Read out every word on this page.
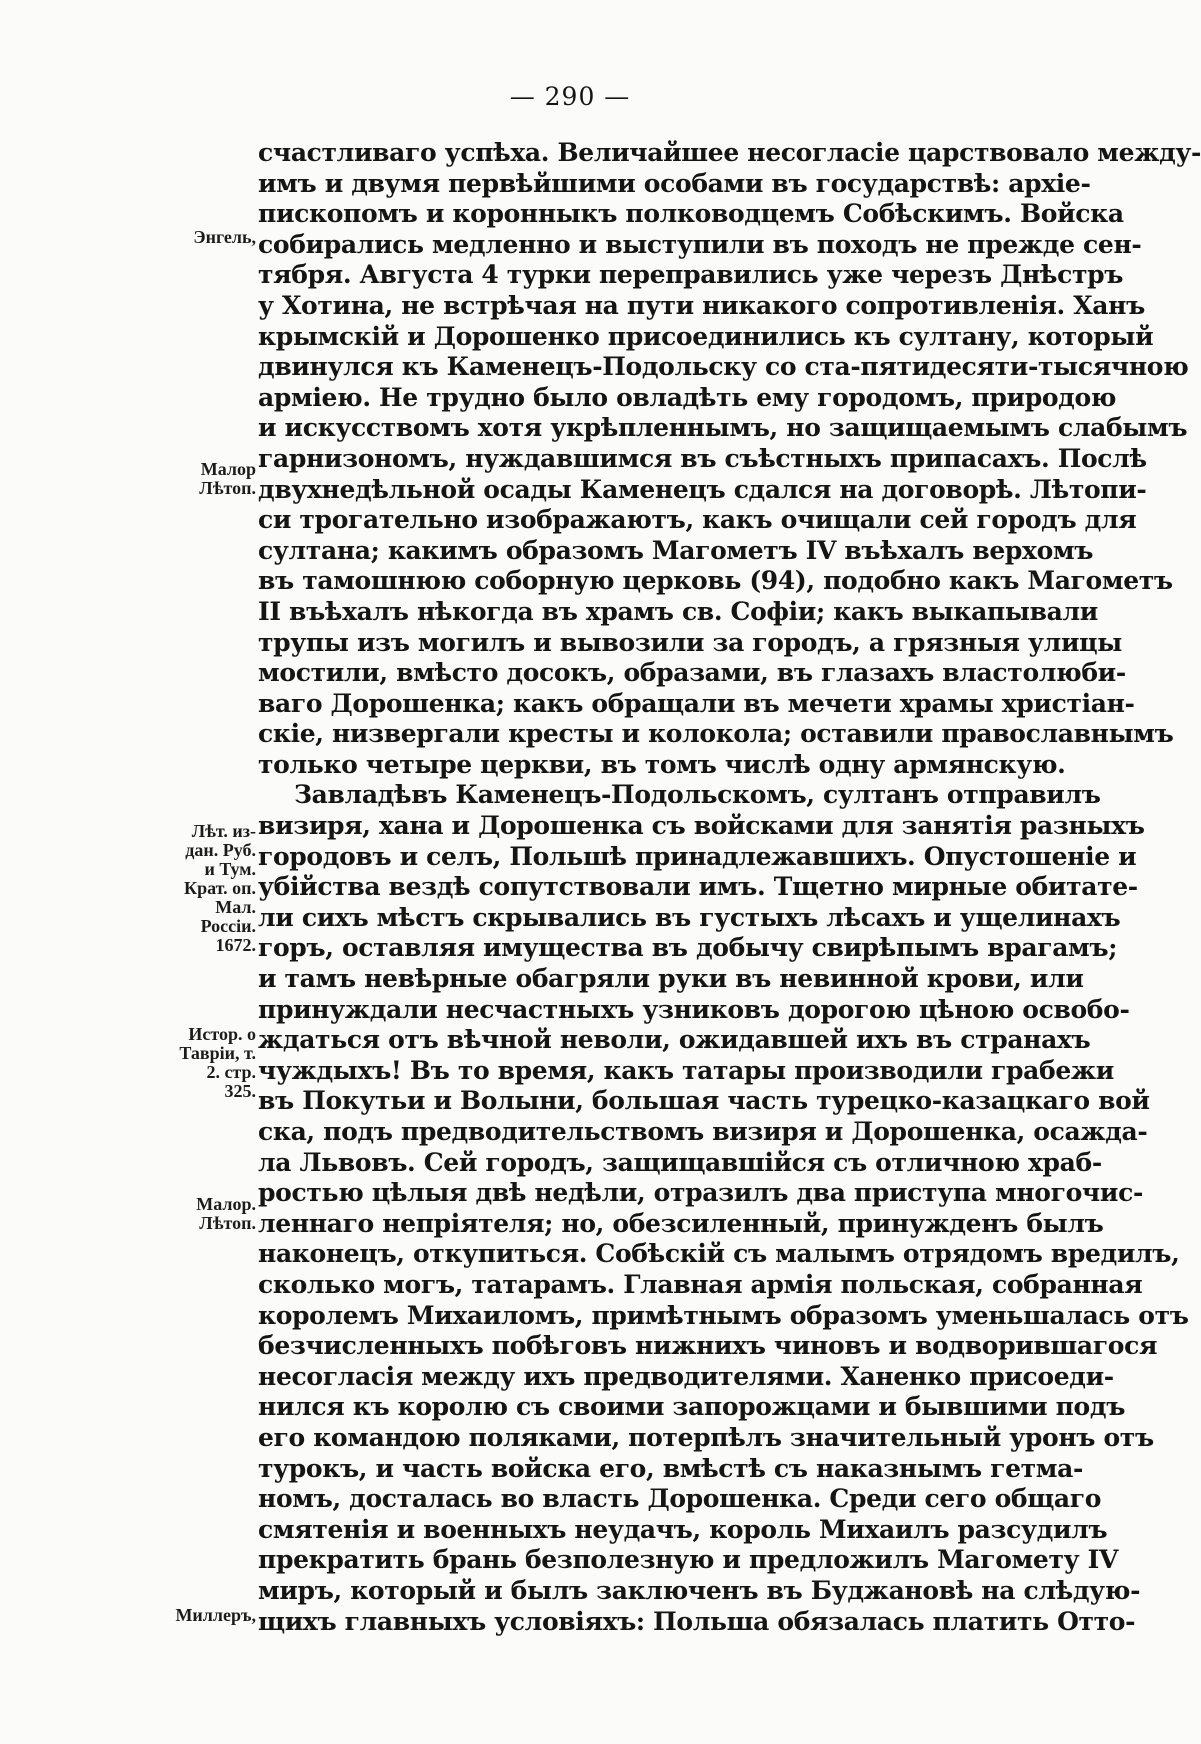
— 290 —
счастливаго успѣха. Величайшее несогласіе царствовало между-
имъ и двумя первѣйшими особами въ государствѣ: архіе-
пископомъ и коронныкъ полководцемъ Собѣскимъ. Войска
собирались медленно и выступили въ походъ не прежде сен-
тября. Августа 4 турки переправились уже черезъ Днѣстръ
у Хотина, не встрѣчая на пути никакого сопротивленія. Ханъ
крымскій и Дорошенко присоединились къ султану, который
двинулся къ Каменецъ-Подольску со ста-пятидесяти-тысячною
арміею. Не трудно было овладѣть ему городомъ, природою
и искусствомъ хотя укрѣпленнымъ, но защищаемымъ слабымъ
гарнизономъ, нуждавшимся въ съѣстныхъ припасахъ. Послѣ
двухнедѣльной осады Каменецъ сдался на договорѣ. Лѣтопи-
си трогательно изображаютъ, какъ очищали сей городъ для
султана; какимъ образомъ Магометъ IV въѣхалъ верхомъ
въ тамошнюю соборную церковь (94), подобно какъ Магометъ
II въѣхалъ нѣкогда въ храмъ св. Софіи; какъ выкапывали
трупы изъ могилъ и вывозили за городъ, а грязныя улицы
мостили, вмѣсто досокъ, образами, въ глазахъ властолюби-
ваго Дорошенка; какъ обращали въ мечети храмы христіан-
скіе, низвергали кресты и колокола; оставили православнымъ
только четыре церкви, въ томъ числѣ одну армянскую.
Завладѣвъ Каменецъ-Подольскомъ, султанъ отправилъ
визиря, хана и Дорошенка съ войсками для занятія разныхъ
городовъ и селъ, Польшѣ принадлежавшихъ. Опустошеніе и
убійства вездѣ сопутствовали имъ. Тщетно мирные обитате-
ли сихъ мѣстъ скрывались въ густыхъ лѣсахъ и ущелинахъ
горъ, оставляя имущества въ добычу свирѣпымъ врагамъ;
и тамъ невѣрные обагряли руки въ невинной крови, или
принуждали несчастныхъ узниковъ дорогою цѣною освобо-
ждаться отъ вѣчной неволи, ожидавшей ихъ въ странахъ
чуждыхъ! Въ то время, какъ татары производили грабежи
въ Покутьи и Волыни, большая часть турецко-казацкаго вой
ска, подъ предводительствомъ визиря и Дорошенка, осажда-
ла Львовъ. Сей городъ, защищавшійся съ отличною храб-
ростью цѣлыя двѣ недѣли, отразилъ два приступа многочис-
леннаго непріятеля; но, обезсиленный, принужденъ былъ
наконецъ, откупиться. Собѣскій съ малымъ отрядомъ вредилъ,
сколько могъ, татарамъ. Главная армія польская, собранная
королемъ Михаиломъ, примѣтнымъ образомъ уменьшалась отъ
безчисленныхъ побѣговъ нижнихъ чиновъ и водворившагося
несогласія между ихъ предводителями. Ханенко присоеди-
нился къ королю съ своими запорожцами и бывшими подъ
его командою поляками, потерпѣлъ значительный уронъ отъ
турокъ, и часть войска его, вмѣстѣ съ наказнымъ гетма-
номъ, досталась во власть Дорошенка. Среди сего общаго
смятенія и военныхъ неудачъ, король Михаилъ разсудилъ
прекратить брань безполезную и предложилъ Магомету IV
миръ, который и былъ заключенъ въ Буджановѣ на слѣдую-
щихъ главныхъ условіяхъ: Польша обязалась платить Отто-
Энгель,
Малор
Лѣтоп.
Лѣт. из-
дан. Руб.
и Тум.
Крат. оп.
Мал.
Россіи.
1672.
Истор. о
Тавріи, т.
2. стр.
325.
Малор.
Лѣтоп.
Миллеръ,
